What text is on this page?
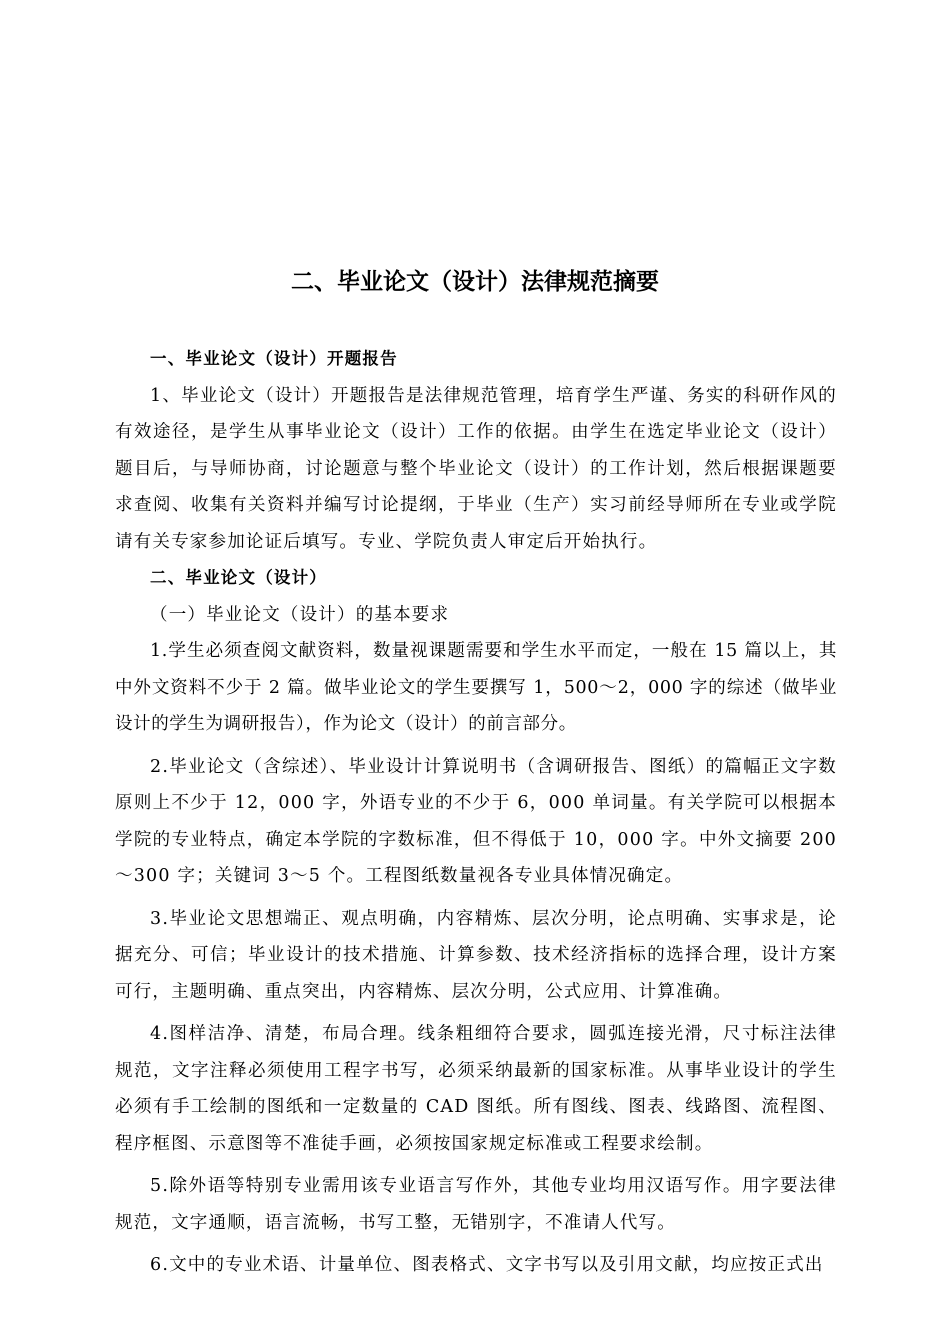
二、毕业论文（设计）法律规范摘要
一、毕业论文（设计）开题报告

1、毕业论文（设计）开题报告是法律规范管理，培育学生严谨、务实的科研作风的有效途径，是学生从事毕业论文（设计）工作的依据。由学生在选定毕业论文（设计）题目后，与导师协商，讨论题意与整个毕业论文（设计）的工作计划，然后根据课题要求查阅、收集有关资料并编写讨论提纲，于毕业（生产）实习前经导师所在专业或学院请有关专家参加论证后填写。专业、学院负责人审定后开始执行。

二、毕业论文（设计）
（一）毕业论文（设计）的基本要求

1.学生必须查阅文献资料，数量视课题需要和学生水平而定，一般在 15 篇以上，其中外文资料不少于 2 篇。做毕业论文的学生要撰写 1，500～2，000 字的综述（做毕业设计的学生为调研报告），作为论文（设计）的前言部分。

2.毕业论文（含综述）、毕业设计计算说明书（含调研报告、图纸）的篇幅正文字数原则上不少于 12，000 字，外语专业的不少于 6，000 单词量。有关学院可以根据本学院的专业特点，确定本学院的字数标准，但不得低于 10，000 字。中外文摘要 200～300 字；关键词 3～5 个。工程图纸数量视各专业具体情况确定。

3.毕业论文思想端正、观点明确，内容精炼、层次分明，论点明确、实事求是，论据充分、可信；毕业设计的技术措施、计算参数、技术经济指标的选择合理，设计方案可行，主题明确、重点突出，内容精炼、层次分明，公式应用、计算准确。

4.图样洁净、清楚，布局合理。线条粗细符合要求，圆弧连接光滑，尺寸标注法律规范，文字注释必须使用工程字书写，必须采纳最新的国家标准。从事毕业设计的学生必须有手工绘制的图纸和一定数量的 CAD 图纸。所有图线、图表、线路图、流程图、程序框图、示意图等不准徒手画，必须按国家规定标准或工程要求绘制。

5.除外语等特别专业需用该专业语言写作外，其他专业均用汉语写作。用字要法律规范，文字通顺，语言流畅，书写工整，无错别字，不准请人代写。

6.文中的专业术语、计量单位、图表格式、文字书写以及引用文献，均应按正式出
